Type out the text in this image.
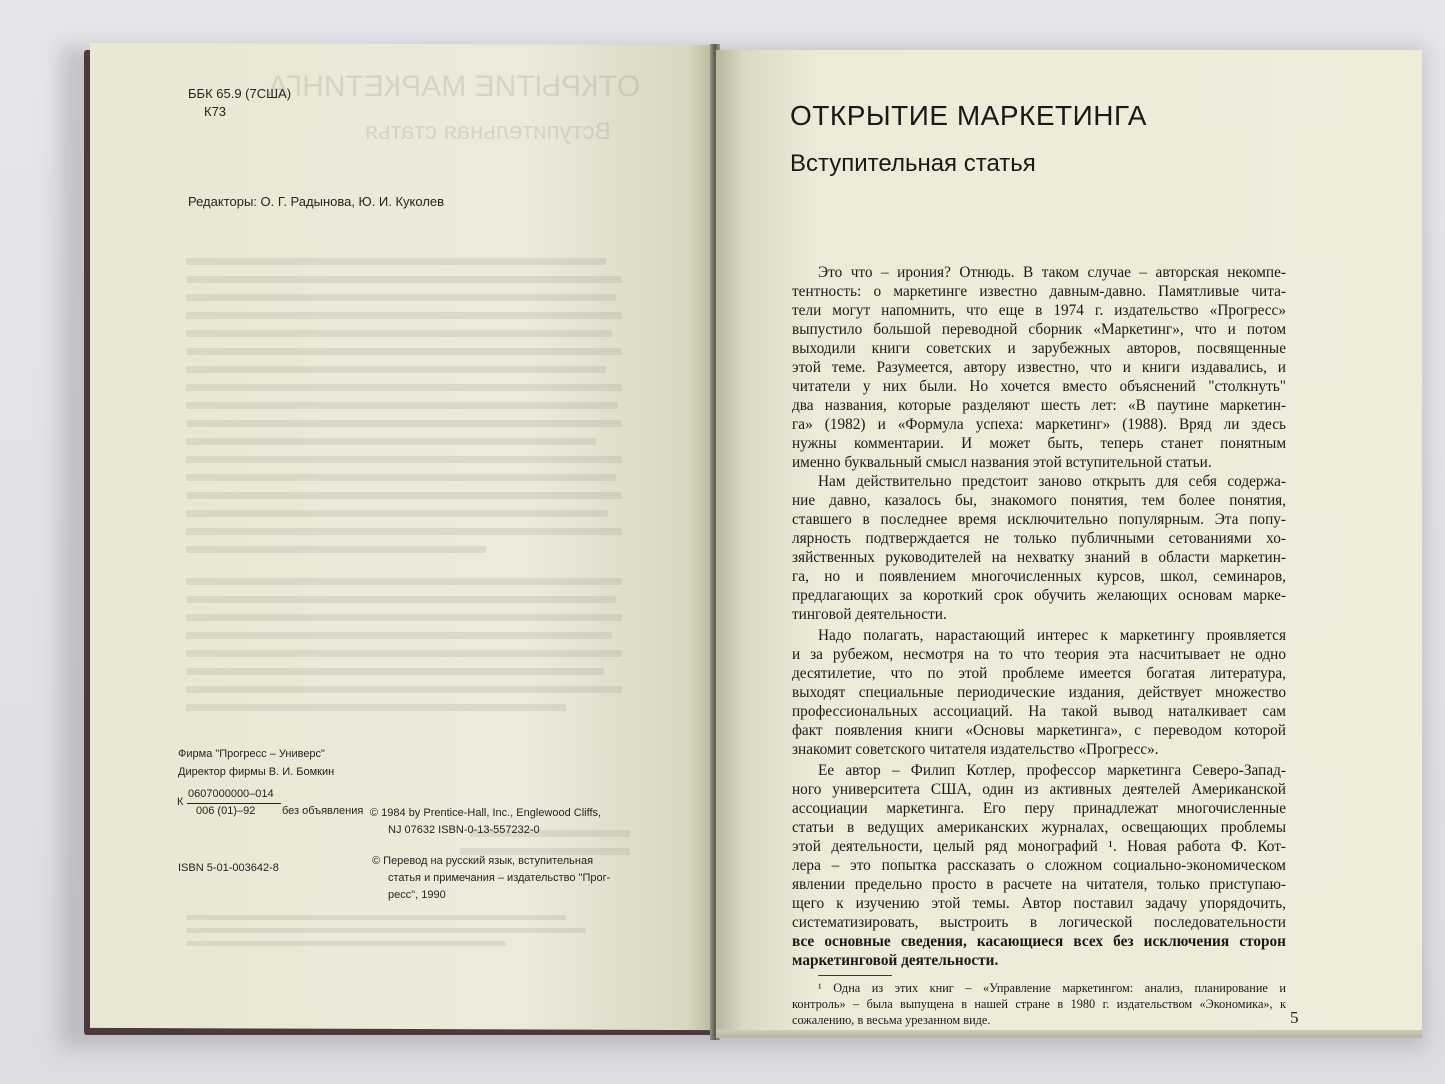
ОТКРЫТИЕ МАРКЕТИНГА
Вступительная статья
ББК 65.9 (7США)
К73
Редакторы: О. Г. Радынова, Ю. И. Куколев
Фирма "Прогресс – Универс"
Директор фирмы В. И. Бомкин
К
0607000000–014
006 (01)–92 без объявления
ISBN 5-01-003642-8
© 1984 by Prentice-Hall, Inc., Englewood Cliffs,
NJ 07632 ISBN-0-13-557232-0
© Перевод на русский язык, вступительная
статья и примечания – издательство "Прог-
ресс", 1990
ОТКРЫТИЕ МАРКЕТИНГА
Вступительная статья
Это что – ирония? Отнюдь. В таком случае – авторская некомпе-
тентность: о маркетинге известно давным-давно. Памятливые чита-
тели могут напомнить, что еще в 1974 г. издательство «Прогресс»
выпустило большой переводной сборник «Маркетинг», что и потом
выходили книги советских и зарубежных авторов, посвященные
этой теме. Разумеется, автору известно, что и книги издавались, и
читатели у них были. Но хочется вместо объяснений "столкнуть"
два названия, которые разделяют шесть лет: «В паутине маркетин-
га» (1982) и «Формула успеха: маркетинг» (1988). Вряд ли здесь
нужны комментарии. И может быть, теперь станет понятным
именно буквальный смысл названия этой вступительной статьи.
Нам действительно предстоит заново открыть для себя содержа-
ние давно, казалось бы, знакомого понятия, тем более понятия,
ставшего в последнее время исключительно популярным. Эта попу-
лярность подтверждается не только публичными сетованиями хо-
зяйственных руководителей на нехватку знаний в области маркетин-
га, но и появлением многочисленных курсов, школ, семинаров,
предлагающих за короткий срок обучить желающих основам марке-
тинговой деятельности.
Надо полагать, нарастающий интерес к маркетингу проявляется
и за рубежом, несмотря на то что теория эта насчитывает не одно
десятилетие, что по этой проблеме имеется богатая литература,
выходят специальные периодические издания, действует множество
профессиональных ассоциаций. На такой вывод наталкивает сам
факт появления книги «Основы маркетинга», с переводом которой
знакомит советского читателя издательство «Прогресс».
Ее автор – Филип Котлер, профессор маркетинга Северо-Запад-
ного университета США, один из активных деятелей Американской
ассоциации маркетинга. Его перу принадлежат многочисленные
статьи в ведущих американских журналах, освещающих проблемы
этой деятельности, целый ряд монографий ¹. Новая работа Ф. Кот-
лера – это попытка рассказать о сложном социально-экономическом
явлении предельно просто в расчете на читателя, только приступаю-
щего к изучению этой темы. Автор поставил задачу упорядочить,
систематизировать, выстроить в логической последовательности
все основные сведения, касающиеся всех без исключения сторон
маркетинговой деятельности.
¹ Одна из этих книг – «Управление маркетингом: анализ, планирование и
контроль» – была выпущена в нашей стране в 1980 г. издательством «Экономика», к
сожалению, в весьма урезанном виде.	5
